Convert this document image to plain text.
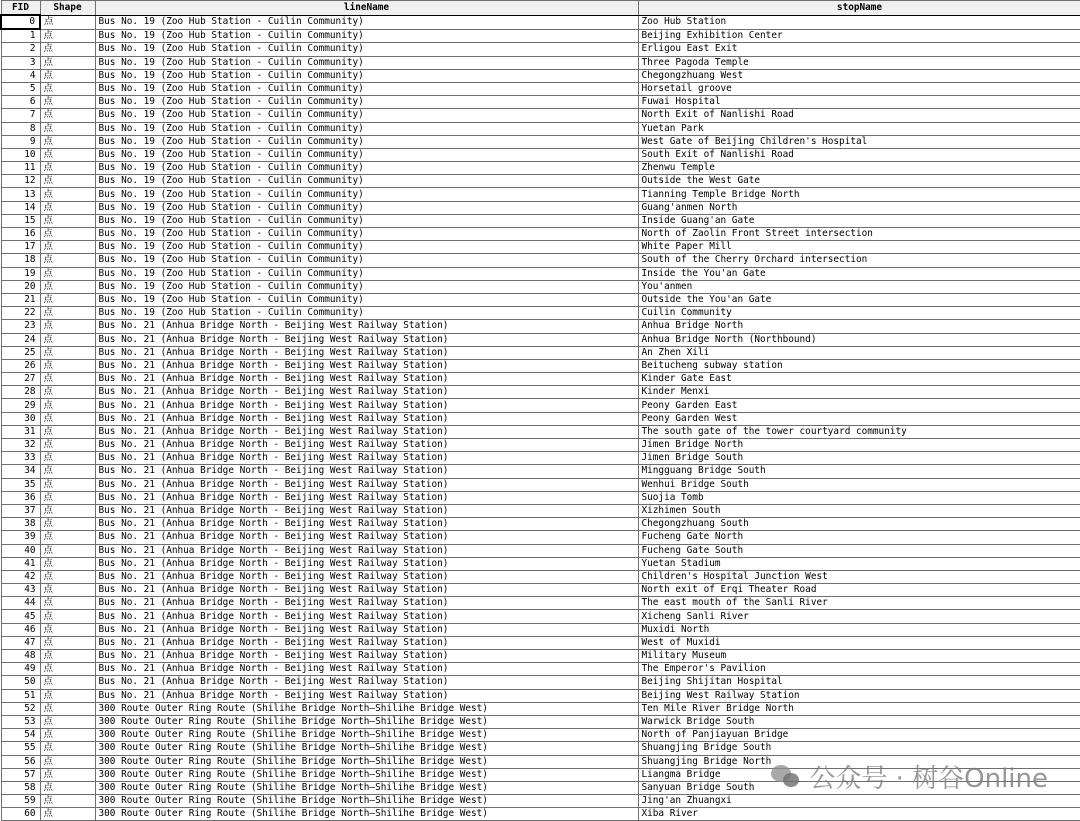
FID	Shape	lineName	stopName
0	点	Bus No. 19 (Zoo Hub Station - Cuilin Community)	Zoo Hub Station
1	点	Bus No. 19 (Zoo Hub Station - Cuilin Community)	Beijing Exhibition Center
2	点	Bus No. 19 (Zoo Hub Station - Cuilin Community)	Erligou East Exit
3	点	Bus No. 19 (Zoo Hub Station - Cuilin Community)	Three Pagoda Temple
4	点	Bus No. 19 (Zoo Hub Station - Cuilin Community)	Chegongzhuang West
5	点	Bus No. 19 (Zoo Hub Station - Cuilin Community)	Horsetail groove
6	点	Bus No. 19 (Zoo Hub Station - Cuilin Community)	Fuwai Hospital
7	点	Bus No. 19 (Zoo Hub Station - Cuilin Community)	North Exit of Nanlishi Road
8	点	Bus No. 19 (Zoo Hub Station - Cuilin Community)	Yuetan Park
9	点	Bus No. 19 (Zoo Hub Station - Cuilin Community)	West Gate of Beijing Children's Hospital
10	点	Bus No. 19 (Zoo Hub Station - Cuilin Community)	South Exit of Nanlishi Road
11	点	Bus No. 19 (Zoo Hub Station - Cuilin Community)	Zhenwu Temple
12	点	Bus No. 19 (Zoo Hub Station - Cuilin Community)	Outside the West Gate
13	点	Bus No. 19 (Zoo Hub Station - Cuilin Community)	Tianning Temple Bridge North
14	点	Bus No. 19 (Zoo Hub Station - Cuilin Community)	Guang'anmen North
15	点	Bus No. 19 (Zoo Hub Station - Cuilin Community)	Inside Guang'an Gate
16	点	Bus No. 19 (Zoo Hub Station - Cuilin Community)	North of Zaolin Front Street intersection
17	点	Bus No. 19 (Zoo Hub Station - Cuilin Community)	White Paper Mill
18	点	Bus No. 19 (Zoo Hub Station - Cuilin Community)	South of the Cherry Orchard intersection
19	点	Bus No. 19 (Zoo Hub Station - Cuilin Community)	Inside the You'an Gate
20	点	Bus No. 19 (Zoo Hub Station - Cuilin Community)	You'anmen
21	点	Bus No. 19 (Zoo Hub Station - Cuilin Community)	Outside the You'an Gate
22	点	Bus No. 19 (Zoo Hub Station - Cuilin Community)	Cuilin Community
23	点	Bus No. 21 (Anhua Bridge North - Beijing West Railway Station)	Anhua Bridge North
24	点	Bus No. 21 (Anhua Bridge North - Beijing West Railway Station)	Anhua Bridge North (Northbound)
25	点	Bus No. 21 (Anhua Bridge North - Beijing West Railway Station)	An Zhen Xili
26	点	Bus No. 21 (Anhua Bridge North - Beijing West Railway Station)	Beitucheng subway station
27	点	Bus No. 21 (Anhua Bridge North - Beijing West Railway Station)	Kinder Gate East
28	点	Bus No. 21 (Anhua Bridge North - Beijing West Railway Station)	Kinder Menxi
29	点	Bus No. 21 (Anhua Bridge North - Beijing West Railway Station)	Peony Garden East
30	点	Bus No. 21 (Anhua Bridge North - Beijing West Railway Station)	Peony Garden West
31	点	Bus No. 21 (Anhua Bridge North - Beijing West Railway Station)	The south gate of the tower courtyard community
32	点	Bus No. 21 (Anhua Bridge North - Beijing West Railway Station)	Jimen Bridge North
33	点	Bus No. 21 (Anhua Bridge North - Beijing West Railway Station)	Jimen Bridge South
34	点	Bus No. 21 (Anhua Bridge North - Beijing West Railway Station)	Mingguang Bridge South
35	点	Bus No. 21 (Anhua Bridge North - Beijing West Railway Station)	Wenhui Bridge South
36	点	Bus No. 21 (Anhua Bridge North - Beijing West Railway Station)	Suojia Tomb
37	点	Bus No. 21 (Anhua Bridge North - Beijing West Railway Station)	Xizhimen South
38	点	Bus No. 21 (Anhua Bridge North - Beijing West Railway Station)	Chegongzhuang South
39	点	Bus No. 21 (Anhua Bridge North - Beijing West Railway Station)	Fucheng Gate North
40	点	Bus No. 21 (Anhua Bridge North - Beijing West Railway Station)	Fucheng Gate South
41	点	Bus No. 21 (Anhua Bridge North - Beijing West Railway Station)	Yuetan Stadium
42	点	Bus No. 21 (Anhua Bridge North - Beijing West Railway Station)	Children's Hospital Junction West
43	点	Bus No. 21 (Anhua Bridge North - Beijing West Railway Station)	North exit of Erqi Theater Road
44	点	Bus No. 21 (Anhua Bridge North - Beijing West Railway Station)	The east mouth of the Sanli River
45	点	Bus No. 21 (Anhua Bridge North - Beijing West Railway Station)	Xicheng Sanli River
46	点	Bus No. 21 (Anhua Bridge North - Beijing West Railway Station)	Muxidi North
47	点	Bus No. 21 (Anhua Bridge North - Beijing West Railway Station)	West of Muxidi
48	点	Bus No. 21 (Anhua Bridge North - Beijing West Railway Station)	Military Museum
49	点	Bus No. 21 (Anhua Bridge North - Beijing West Railway Station)	The Emperor's Pavilion
50	点	Bus No. 21 (Anhua Bridge North - Beijing West Railway Station)	Beijing Shijitan Hospital
51	点	Bus No. 21 (Anhua Bridge North - Beijing West Railway Station)	Beijing West Railway Station
52	点	300 Route Outer Ring Route (Shilihe Bridge North—Shilihe Bridge West)	Ten Mile River Bridge North
53	点	300 Route Outer Ring Route (Shilihe Bridge North—Shilihe Bridge West)	Warwick Bridge South
54	点	300 Route Outer Ring Route (Shilihe Bridge North—Shilihe Bridge West)	North of Panjiayuan Bridge
55	点	300 Route Outer Ring Route (Shilihe Bridge North—Shilihe Bridge West)	Shuangjing Bridge South
56	点	300 Route Outer Ring Route (Shilihe Bridge North—Shilihe Bridge West)	Shuangjing Bridge North
57	点	300 Route Outer Ring Route (Shilihe Bridge North—Shilihe Bridge West)	Liangma Bridge
58	点	300 Route Outer Ring Route (Shilihe Bridge North—Shilihe Bridge West)	Sanyuan Bridge South
59	点	300 Route Outer Ring Route (Shilihe Bridge North—Shilihe Bridge West)	Jing'an Zhuangxi
60	点	300 Route Outer Ring Route (Shilihe Bridge North—Shilihe Bridge West)	Xiba River
公众号 · 树谷Online
